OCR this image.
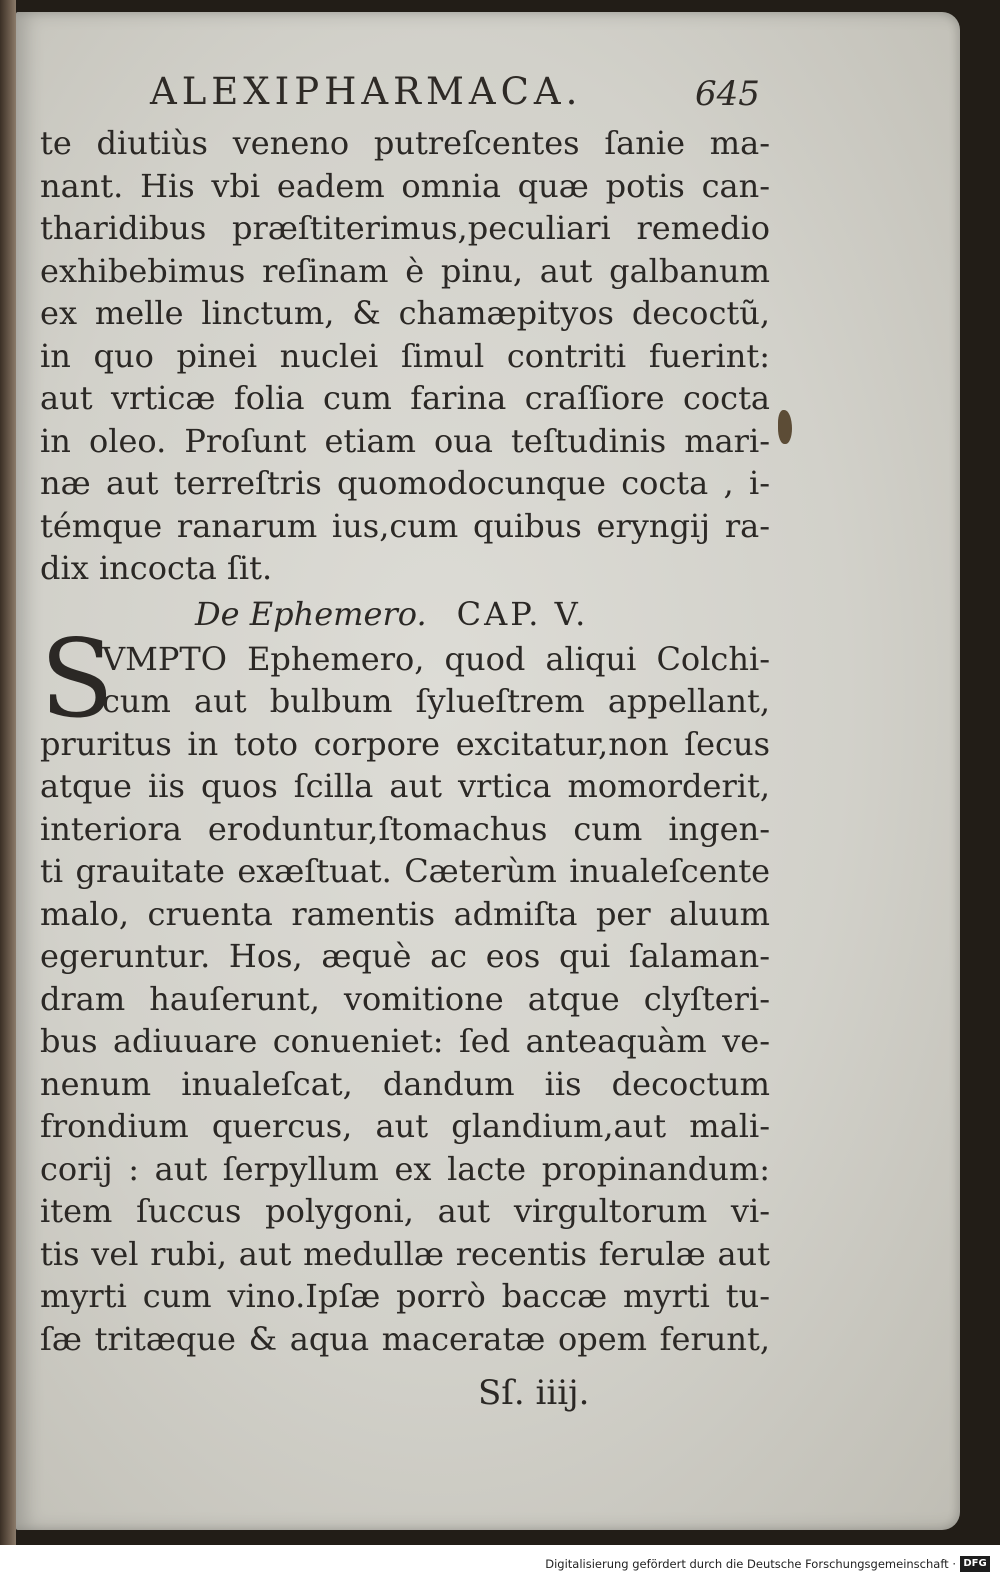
ALEXIPHARMACA.	645
te diutiùs veneno putreſcentes ſanie ma-
nant. His vbi eadem omnia quæ potis can-
tharidibus præſtiterimus,peculiari remedio
exhibebimus reſinam è pinu, aut galbanum
ex melle linctum, & chamæpityos decoctũ,
in quo pinei nuclei ſimul contriti fuerint:
aut vrticæ folia cum farina craſſiore cocta
in oleo. Proſunt etiam oua teſtudinis mari-
næ aut terreſtris quomodocunque cocta , i-
témque ranarum ius,cum quibus eryngij ra-
dix incocta ſit.
De Ephemero. CAP. V.
S
VMPTO Ephemero, quod aliqui Colchi-
cum aut bulbum ſylueſtrem appellant,
pruritus in toto corpore excitatur,non ſecus
atque iis quos ſcilla aut vrtica momorderit,
interiora eroduntur,ſtomachus cum ingen-
ti grauitate exæſtuat. Cæterùm inualeſcente
malo, cruenta ramentis admiſta per aluum
egeruntur. Hos, æquè ac eos qui ſalaman-
dram hauſerunt, vomitione atque clyſteri-
bus adiuuare conueniet: ſed anteaquàm ve-
nenum inualeſcat, dandum iis decoctum
frondium quercus, aut glandium,aut mali-
corij : aut ſerpyllum ex lacte propinandum:
item ſuccus polygoni, aut virgultorum vi-
tis vel rubi, aut medullæ recentis ferulæ aut
myrti cum vino.Ipſæ porrò baccæ myrti tu-
ſæ tritæque & aqua maceratæ opem ferunt,
Sſ. iiij.
Digitalisierung gefördert durch die Deutsche Forschungsgemeinschaft · DFG
